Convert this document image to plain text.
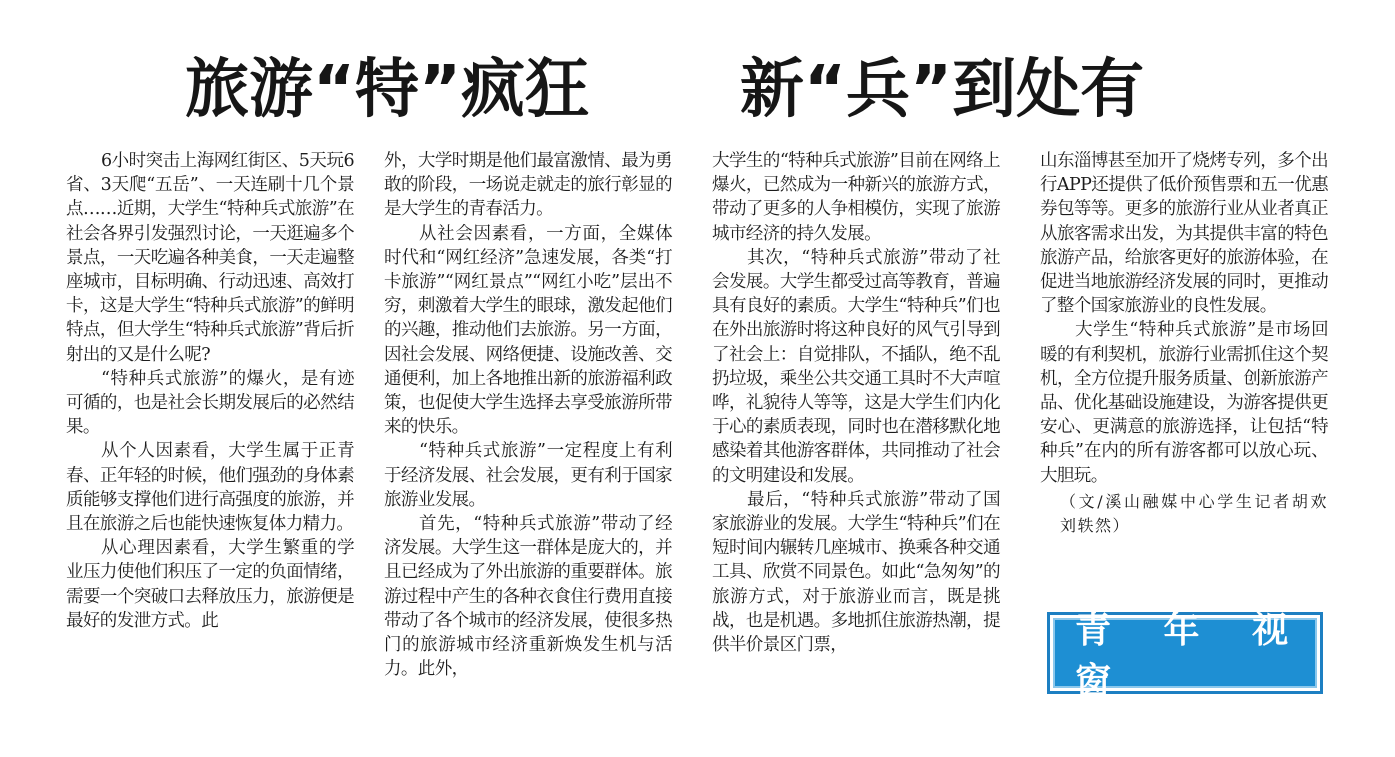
旅游“特”疯狂 新“兵”到处有

6小时突击上海网红街区、5天玩6省、3天爬“五岳”、一天连刷十几个景点……近期，大学生“特种兵式旅游”在社会各界引发强烈讨论，一天逛遍多个景点，一天吃遍各种美食，一天走遍整座城市，目标明确、行动迅速、高效打卡，这是大学生“特种兵式旅游”的鲜明特点，但大学生“特种兵式旅游”背后折射出的又是什么呢?

“特种兵式旅游”的爆火，是有迹可循的，也是社会长期发展后的必然结果。

从个人因素看，大学生属于正青春、正年轻的时候，他们强劲的身体素质能够支撑他们进行高强度的旅游，并且在旅游之后也能快速恢复体力精力。

从心理因素看，大学生繁重的学业压力使他们积压了一定的负面情绪，需要一个突破口去释放压力，旅游便是最好的发泄方式。此

外，大学时期是他们最富激情、最为勇敢的阶段，一场说走就走的旅行彰显的是大学生的青春活力。

从社会因素看，一方面，全媒体时代和“网红经济”急速发展，各类“打卡旅游”“网红景点”“网红小吃”层出不穷，刺激着大学生的眼球，激发起他们的兴趣，推动他们去旅游。另一方面，因社会发展、网络便捷、设施改善、交通便利，加上各地推出新的旅游福利政策，也促使大学生选择去享受旅游所带来的快乐。

“特种兵式旅游”一定程度上有利于经济发展、社会发展，更有利于国家旅游业发展。

首先，“特种兵式旅游”带动了经济发展。大学生这一群体是庞大的，并且已经成为了外出旅游的重要群体。旅游过程中产生的各种衣食住行费用直接带动了各个城市的经济发展，使很多热门的旅游城市经济重新焕发生机与活力。此外，

大学生的“特种兵式旅游”目前在网络上爆火，已然成为一种新兴的旅游方式，带动了更多的人争相模仿，实现了旅游城市经济的持久发展。

其次，“特种兵式旅游”带动了社会发展。大学生都受过高等教育，普遍具有良好的素质。大学生“特种兵”们也在外出旅游时将这种良好的风气引导到了社会上：自觉排队，不插队，绝不乱扔垃圾，乘坐公共交通工具时不大声喧哗，礼貌待人等等，这是大学生们内化于心的素质表现，同时也在潜移默化地感染着其他游客群体，共同推动了社会的文明建设和发展。

最后，“特种兵式旅游”带动了国家旅游业的发展。大学生“特种兵”们在短时间内辗转几座城市、换乘各种交通工具、欣赏不同景色。如此“急匆匆”的旅游方式，对于旅游业而言，既是挑战，也是机遇。多地抓住旅游热潮，提供半价景区门票，

山东淄博甚至加开了烧烤专列，多个出行APP还提供了低价预售票和五一优惠券包等等。更多的旅游行业从业者真正从旅客需求出发，为其提供丰富的特色旅游产品，给旅客更好的旅游体验，在促进当地旅游经济发展的同时，更推动了整个国家旅游业的良性发展。

大学生“特种兵式旅游”是市场回暖的有利契机，旅游行业需抓住这个契机，全方位提升服务质量、创新旅游产品、优化基础设施建设，为游客提供更安心、更满意的旅游选择，让包括“特种兵”在内的所有游客都可以放心玩、大胆玩。

（文/溪山融媒中心学生记者胡欢 刘轶然）

青 年 视 窗
